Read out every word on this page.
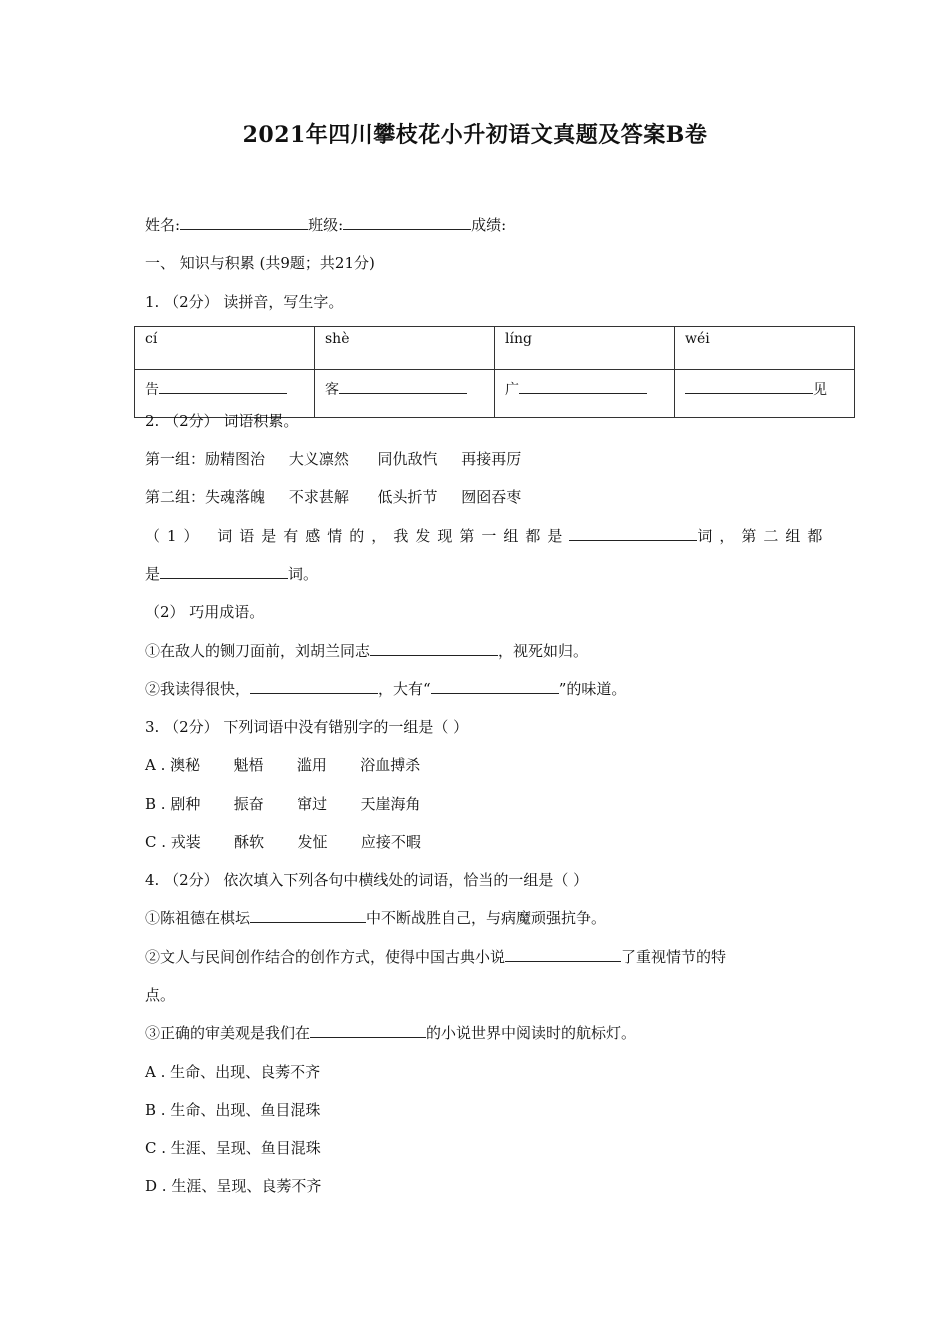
2021年四川攀枝花小升初语文真题及答案B卷
姓名:	班级:	成绩:
一、 知识与积累 (共9题；共21分)
1. （2分） 读拼音，写生字。
cí	shè	líng	wéi
告	客	广	见
2. （2分） 词语积累。
第一组：励精图治     大义凛然      同仇敌忾     再接再厉
第二组：失魂落魄     不求甚解      低头折节     囫囵吞枣
（1） 词语是有感情的，我发现第一组都是	词，第二组都
是	词。
（2） 巧用成语。
①在敌人的铡刀面前，刘胡兰同志	，视死如归。
②我读得很快，	，大有“	”的味道。
3. （2分） 下列词语中没有错别字的一组是（ ）
A . 澳秘       魁梧       滥用       浴血搏杀
B . 剧种       振奋       窜过       天崖海角
C . 戎装       酥软       发怔       应接不暇
4. （2分） 依次填入下列各句中横线处的词语，恰当的一组是（ ）
①陈祖德在棋坛	中不断战胜自己，与病魔顽强抗争。
②文人与民间创作结合的创作方式，使得中国古典小说	了重视情节的特
点。
③正确的审美观是我们在	的小说世界中阅读时的航标灯。
A . 生命、出现、良莠不齐
B . 生命、出现、鱼目混珠
C . 生涯、呈现、鱼目混珠
D . 生涯、呈现、良莠不齐
